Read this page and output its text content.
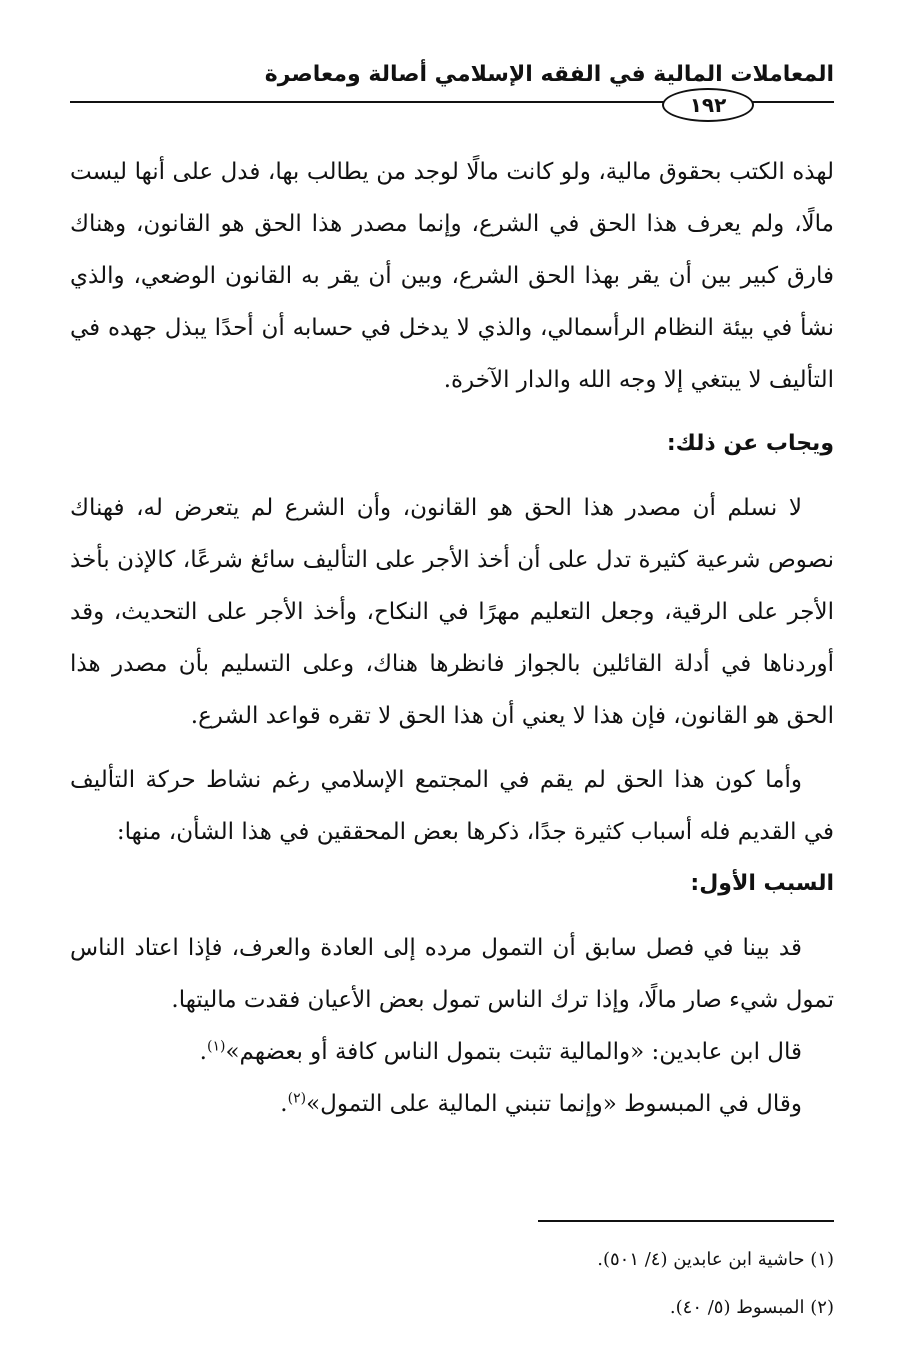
المعاملات المالية في الفقه الإسلامي أصالة ومعاصرة
١٩٢

لهذه الكتب بحقوق مالية، ولو كانت مالًا لوجد من يطالب بها، فدل على أنها ليست مالًا، ولم يعرف هذا الحق في الشرع، وإنما مصدر هذا الحق هو القانون، وهناك فارق كبير بين أن يقر بهذا الحق الشرع، وبين أن يقر به القانون الوضعي، والذي نشأ في بيئة النظام الرأسمالي، والذي لا يدخل في حسابه أن أحدًا يبذل جهده في التأليف لا يبتغي إلا وجه الله والدار الآخرة.

ويجاب عن ذلك:

لا نسلم أن مصدر هذا الحق هو القانون، وأن الشرع لم يتعرض له، فهناك نصوص شرعية كثيرة تدل على أن أخذ الأجر على التأليف سائغ شرعًا، كالإذن بأخذ الأجر على الرقية، وجعل التعليم مهرًا في النكاح، وأخذ الأجر على التحديث، وقد أوردناها في أدلة القائلين بالجواز فانظرها هناك، وعلى التسليم بأن مصدر هذا الحق هو القانون، فإن هذا لا يعني أن هذا الحق لا تقره قواعد الشرع.

وأما كون هذا الحق لم يقم في المجتمع الإسلامي رغم نشاط حركة التأليف في القديم فله أسباب كثيرة جدًا، ذكرها بعض المحققين في هذا الشأن، منها:

السبب الأول:

قد بينا في فصل سابق أن التمول مرده إلى العادة والعرف، فإذا اعتاد الناس تمول شيء صار مالًا، وإذا ترك الناس تمول بعض الأعيان فقدت ماليتها.

قال ابن عابدين: «والمالية تثبت بتمول الناس كافة أو بعضهم»$^{(١)}$.

وقال في المبسوط «وإنما تنبني المالية على التمول»$^{(٢)}$.

(١) حاشية ابن عابدين (٤/ ٥٠١).

(٢) المبسوط (٥/ ٤٠).
